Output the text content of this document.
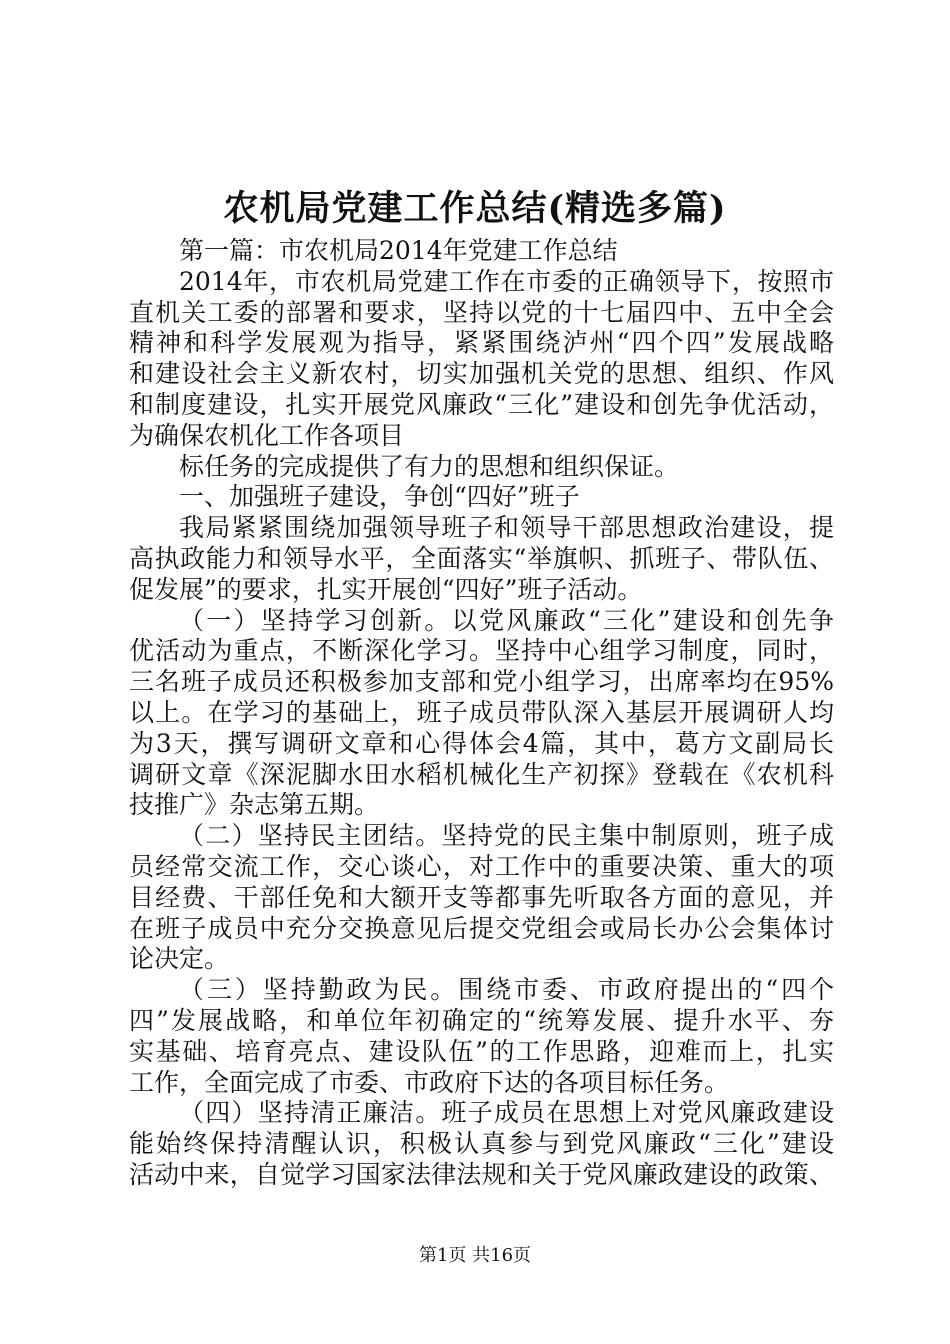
农机局党建工作总结(精选多篇)
第一篇：市农机局2014年党建工作总结
2014年，市农机局党建工作在市委的正确领导下，按照市
直机关工委的部署和要求，坚持以党的十七届四中、五中全会
精神和科学发展观为指导，紧紧围绕泸州“四个四”发展战略
和建设社会主义新农村，切实加强机关党的思想、组织、作风
和制度建设，扎实开展党风廉政“三化”建设和创先争优活动，
为确保农机化工作各项目
标任务的完成提供了有力的思想和组织保证。
一、加强班子建设，争创“四好”班子
我局紧紧围绕加强领导班子和领导干部思想政治建设，提
高执政能力和领导水平，全面落实“举旗帜、抓班子、带队伍、
促发展”的要求，扎实开展创“四好”班子活动。
（一）坚持学习创新。以党风廉政“三化”建设和创先争
优活动为重点，不断深化学习。坚持中心组学习制度，同时，
三名班子成员还积极参加支部和党小组学习，出席率均在95%
以上。在学习的基础上，班子成员带队深入基层开展调研人均
为3天，撰写调研文章和心得体会4篇，其中，葛方文副局长
调研文章《深泥脚水田水稻机械化生产初探》登载在《农机科
技推广》杂志第五期。
（二）坚持民主团结。坚持党的民主集中制原则，班子成
员经常交流工作，交心谈心，对工作中的重要决策、重大的项
目经费、干部任免和大额开支等都事先听取各方面的意见，并
在班子成员中充分交换意见后提交党组会或局长办公会集体讨
论决定。
（三）坚持勤政为民。围绕市委、市政府提出的“四个
四”发展战略，和单位年初确定的“统筹发展、提升水平、夯
实基础、培育亮点、建设队伍”的工作思路，迎难而上，扎实
工作，全面完成了市委、市政府下达的各项目标任务。
（四）坚持清正廉洁。班子成员在思想上对党风廉政建设
能始终保持清醒认识，积极认真参与到党风廉政“三化”建设
活动中来，自觉学习国家法律法规和关于党风廉政建设的政策、
第1页 共16页
